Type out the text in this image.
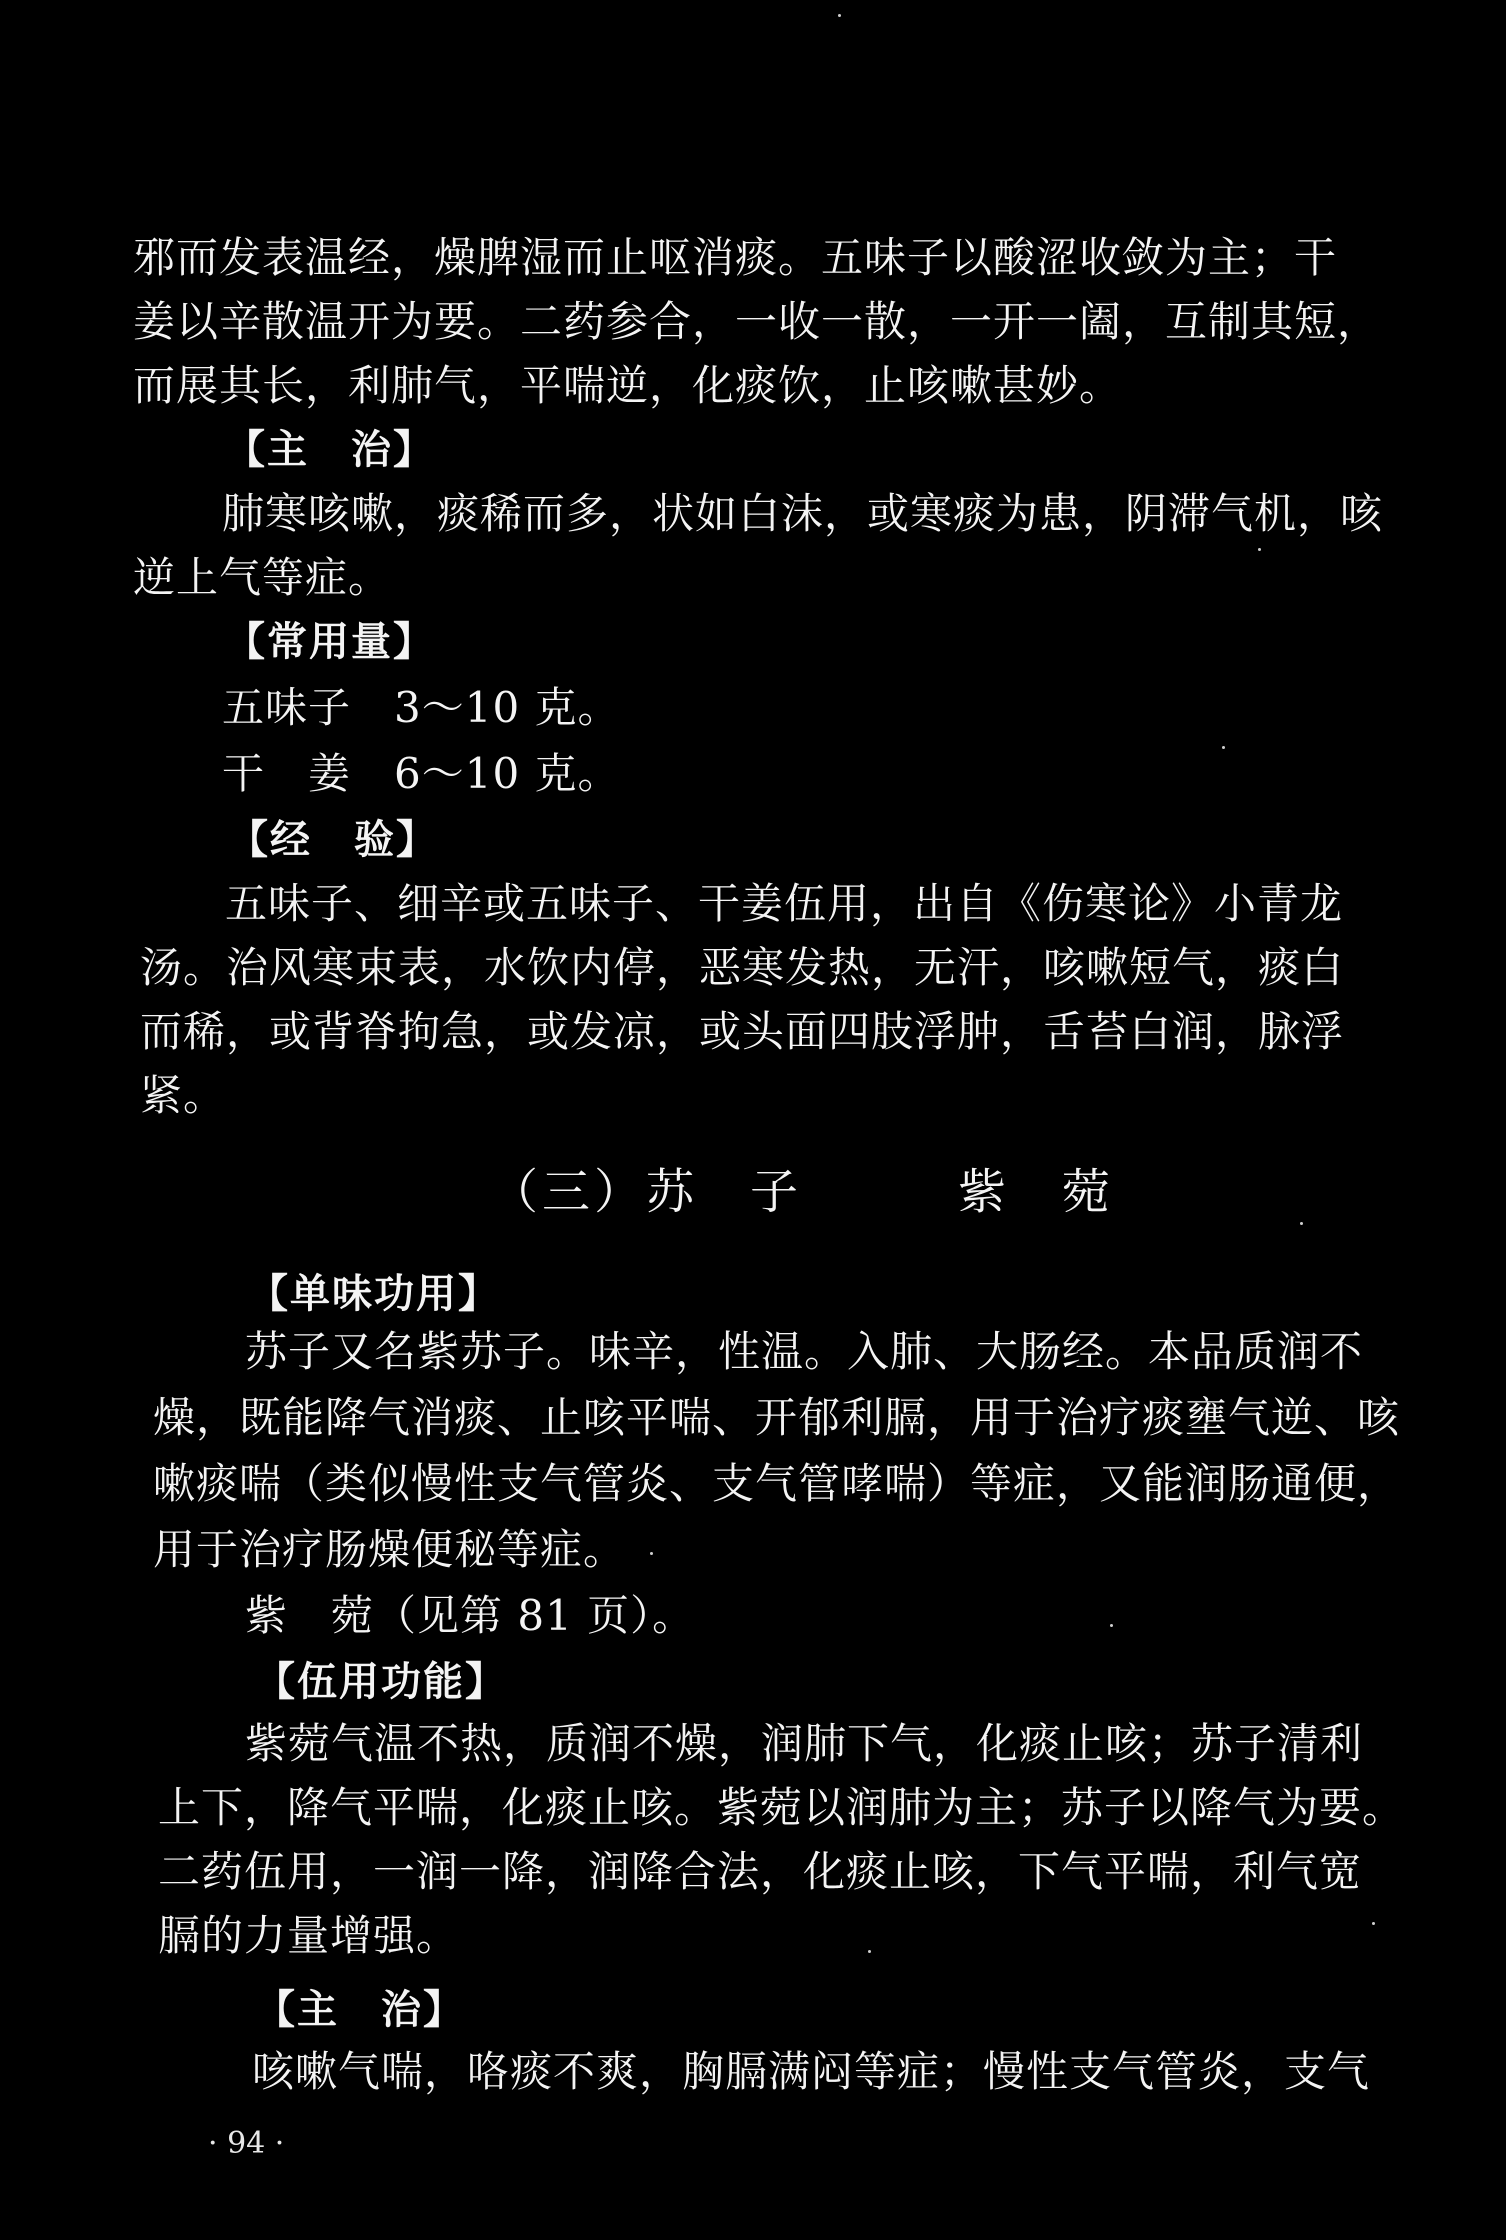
邪而发表温经，燥脾湿而止呕消痰。五味子以酸涩收敛为主；干
姜以辛散温开为要。二药参合，一收一散，一开一阖，互制其短，
而展其长，利肺气，平喘逆，化痰饮，止咳嗽甚妙。
【主　治】
肺寒咳嗽，痰稀而多，状如白沫，或寒痰为患，阴滞气机，咳
逆上气等症。
【常用量】
五味子　3～10 克。
干　姜　6～10 克。
【经　验】
五味子、细辛或五味子、干姜伍用，出自《伤寒论》小青龙
汤。治风寒束表，水饮内停，恶寒发热，无汗，咳嗽短气，痰白
而稀，或背脊拘急，或发凉，或头面四肢浮肿，舌苔白润，脉浮
紧。
（三）苏　子　　　紫　菀
【单味功用】
苏子又名紫苏子。味辛，性温。入肺、大肠经。本品质润不
燥，既能降气消痰、止咳平喘、开郁利膈，用于治疗痰壅气逆、咳
嗽痰喘（类似慢性支气管炎、支气管哮喘）等症，又能润肠通便，
用于治疗肠燥便秘等症。
紫　菀（见第 81 页）。
【伍用功能】
紫菀气温不热，质润不燥，润肺下气，化痰止咳；苏子清利
上下，降气平喘，化痰止咳。紫菀以润肺为主；苏子以降气为要。
二药伍用，一润一降，润降合法，化痰止咳，下气平喘，利气宽
膈的力量增强。
【主　治】
咳嗽气喘，咯痰不爽，胸膈满闷等症；慢性支气管炎，支气
· 94 ·
